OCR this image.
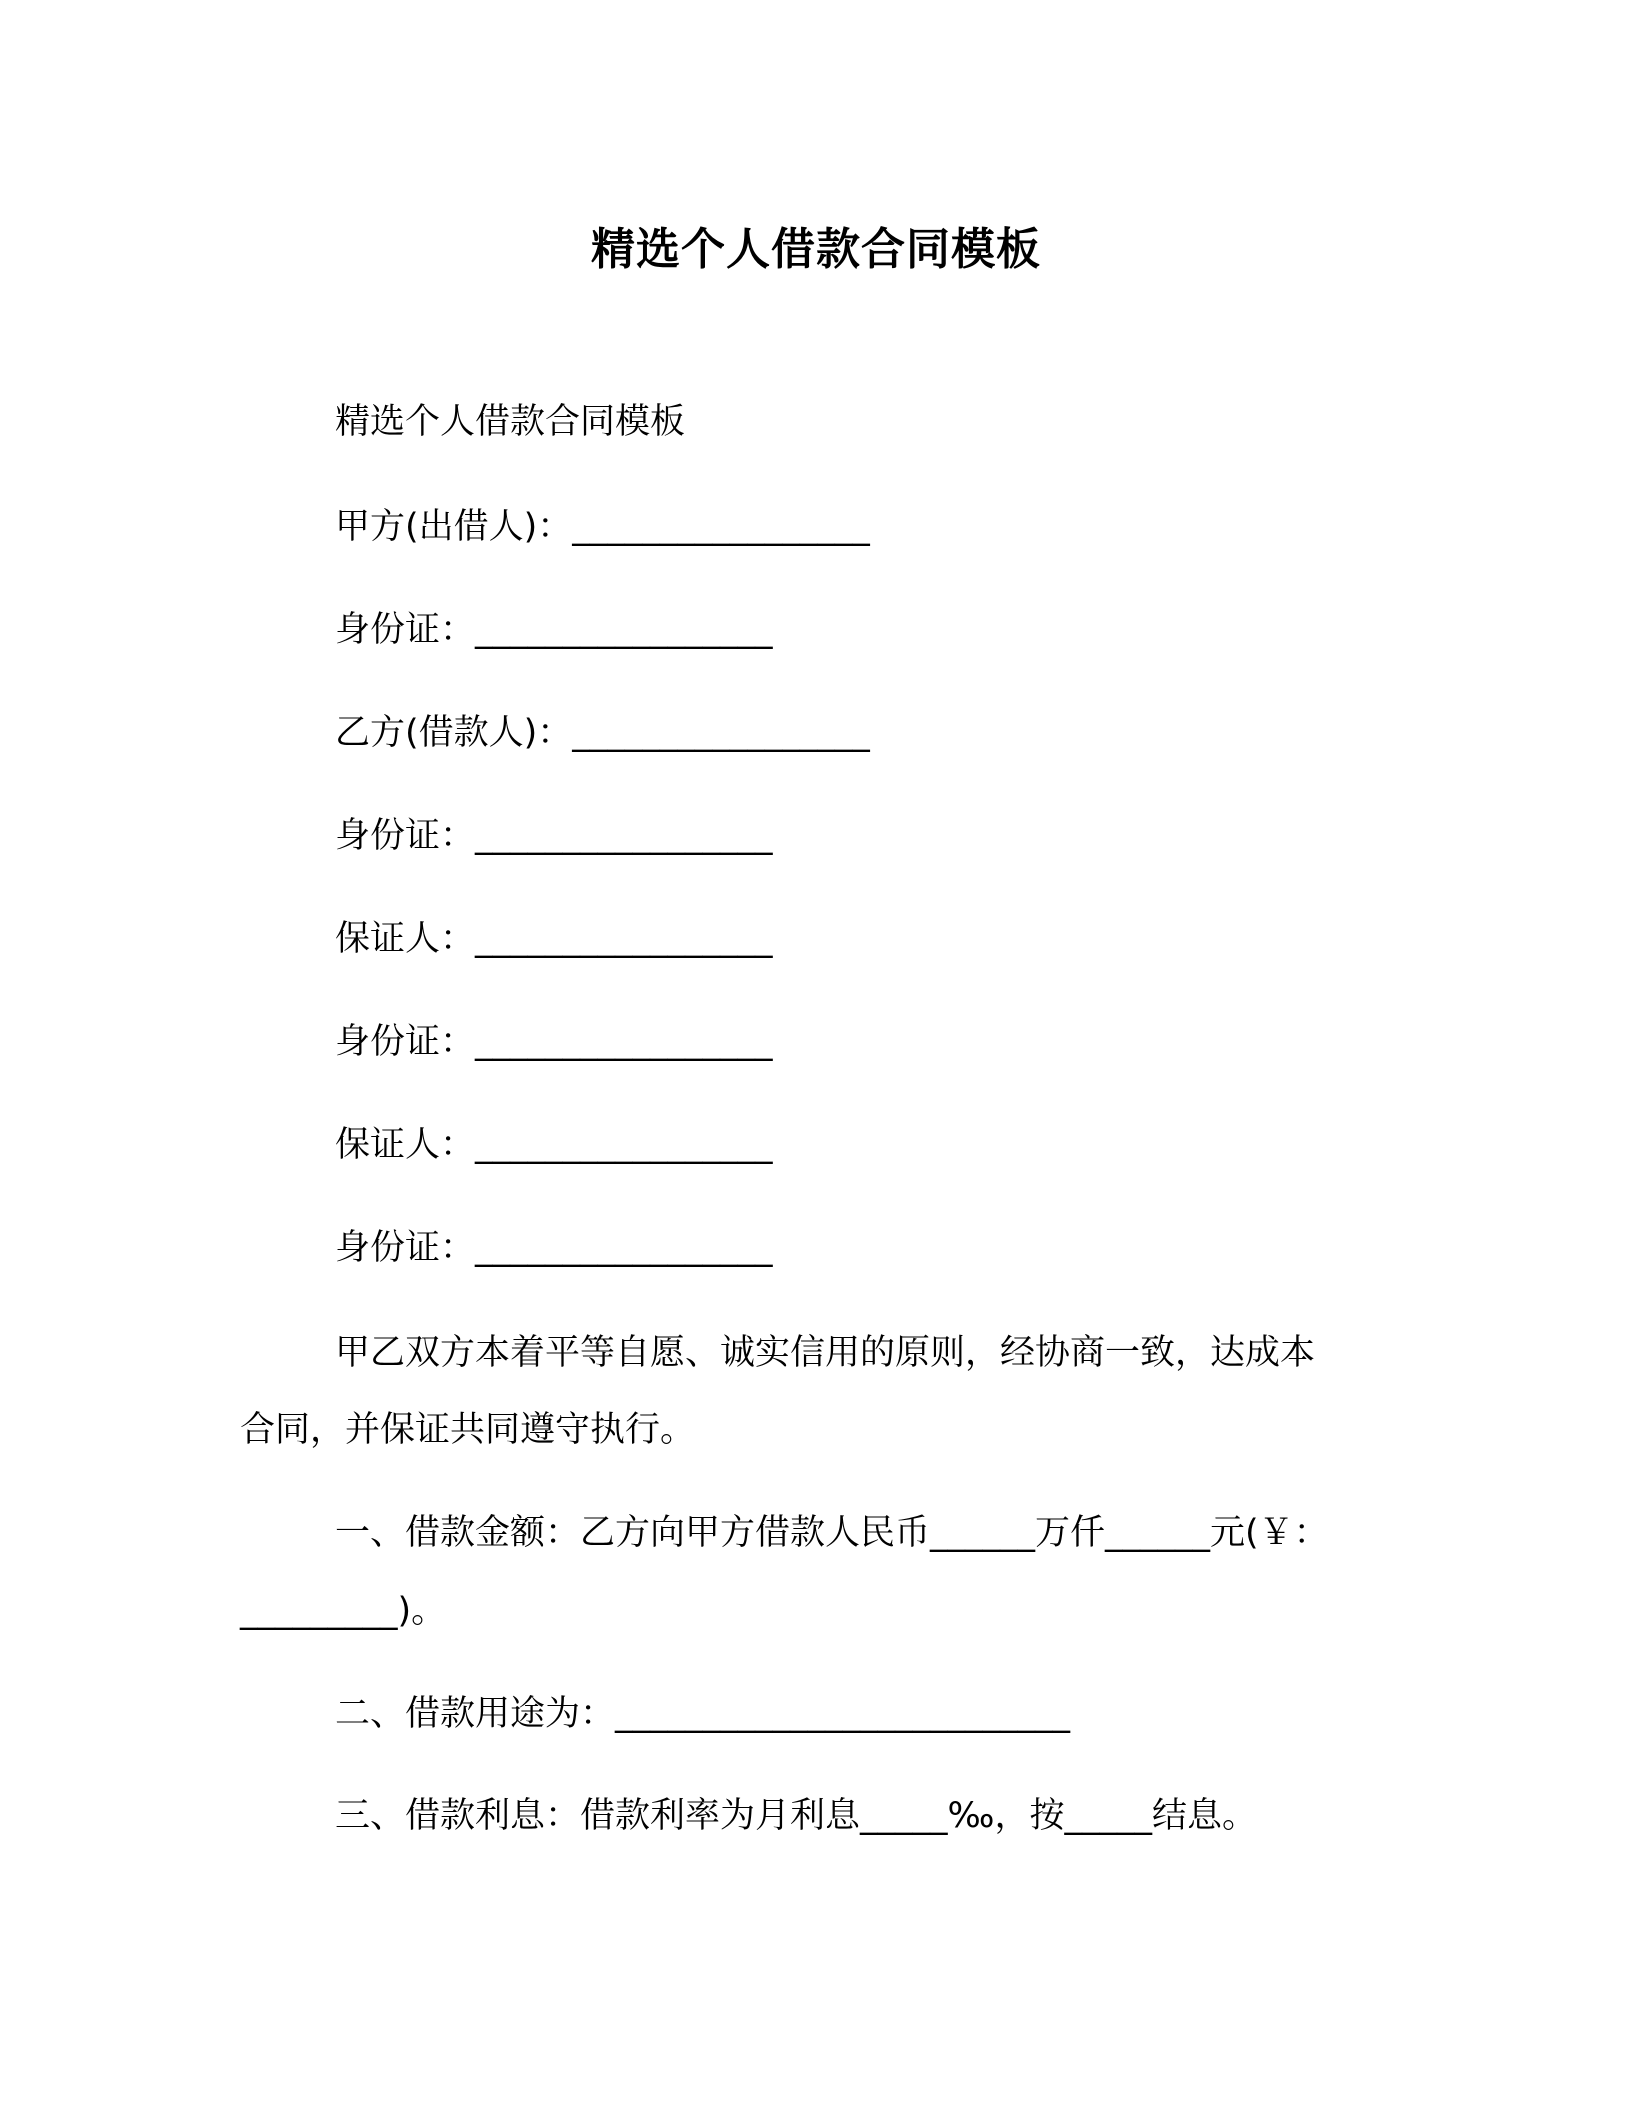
精选个人借款合同模板
精选个人借款合同模板
甲方(出借人)：_________________
身份证：_________________
乙方(借款人)：_________________
身份证：_________________
保证人：_________________
身份证：_________________
保证人：_________________
身份证：_________________
甲乙双方本着平等自愿、诚实信用的原则，经协商一致，达成本
合同，并保证共同遵守执行。
一、借款金额：乙方向甲方借款人民币______万仟______元(￥：
_________)。
二、借款用途为：__________________________
三、借款利息：借款利率为月利息_____‰，按_____结息。
